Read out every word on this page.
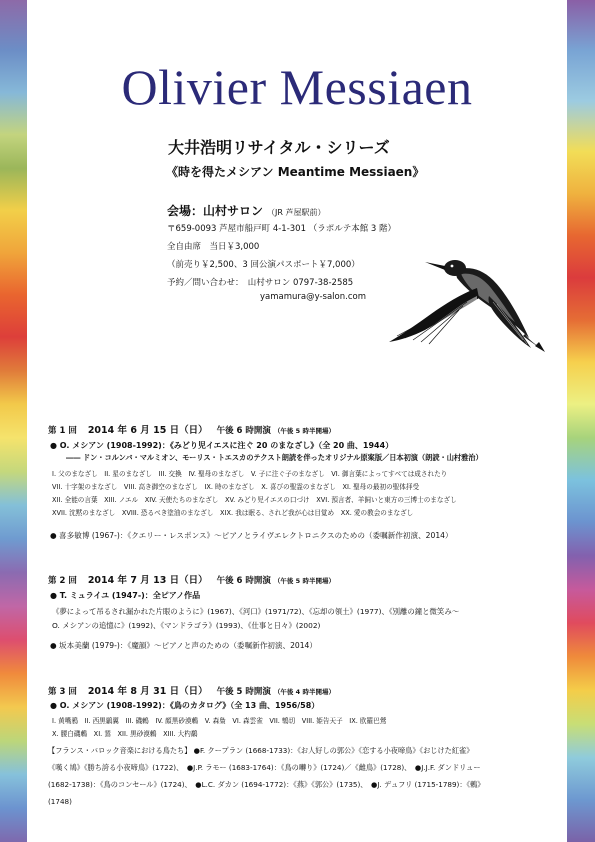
Olivier Messiaen

大井浩明リサイタル・シリーズ

《時を得たメシアン Meantime Messiaen》

会場：山村サロン （JR 芦屋駅前）

〒659-0093 芦屋市船戸町 4-1-301 （ラポルテ本館 3 階）

全自由席　当日￥3,000

（前売り￥2,500、3 回公演パスポート￥7,000）

予約／問い合わせ：　山村サロン 0797-38-2585

yamamura@y-salon.com

第 1 回 2014 年 6 月 15 日（日） 午後 6 時開演 （午後 5 時半開場）

● O. メシアン (1908-1992)：《みどり児イエスに注ぐ 20 のまなざし》（全 20 曲、1944）

―― ドン・コルンバ・マルミオン、モーリス・トエスカのテクスト朗読を伴ったオリジナル原案版／日本初演（朗読・山村雅治）

I. 父のまなざし　II. 星のまなざし　III. 交換　IV. 聖母のまなざし　V. 子に注ぐ子のまなざし　VI. 御言葉によってすべては成されたり

VII. 十字架のまなざし　VIII. 高き御空のまなざし　IX. 時のまなざし　X. 喜びの聖霊のまなざし　XI. 聖母の最初の聖体拝受

XII. 全能の言葉　XIII. ノエル　XIV. 天使たちのまなざし　XV. みどり児イエスの口づけ　XVI. 預言者、羊飼いと東方の三博士のまなざし

XVII. 沈黙のまなざし　XVIII. 恐るべき塗油のまなざし　XIX. 我は眠る、されど我が心は目覚め　XX. 愛の教会のまなざし

● 喜多敏博 (1967-)：《クエリー・レスポンス》～ピアノとライヴエレクトロニクスのための（委嘱新作初演、2014）

第 2 回 2014 年 7 月 13 日（日） 午後 6 時開演 （午後 5 時半開場）

● T. ミュライユ (1947-)：全ピアノ作品

《夢によって吊るされ漏かれた片眼のように》(1967)、《河口》(1971/72)、《忘却の領土》(1977)、《別離の鐘と微笑み～

O. メシアンの追憶に》(1992)、《マンドラゴラ》(1993)、《仕事と日々》(2002)

● 坂本美蘭 (1979-)：《魔韻》～ピアノと声のための（委嘱新作初演、2014）

第 3 回 2014 年 8 月 31 日（日） 午後 5 時開演 （午後 4 時半開場）

● O. メシアン (1908-1992)：《鳥のカタログ》（全 13 曲、1956/58）

I. 黄嘴鴉　II. 西黒鶲翼　III. 磯鶫　IV. 顔黒砂漠鶇　V. 森梟　VI. 森雲雀　VII. 鵯切　VIII. 姫告天子　IX. 欧羅巴鶯

X. 腰白磯鶇　XI. 鵟　XII. 黒砂漠鶇　XIII. 大杓鷸

【フランス・バロック音楽における鳥たち】 ●F. クープラン (1668-1733)：《お人好しの郭公》《恋する小夜啼鳥》《おじけた紅雀》

《嘆く鳩》《勝ち誇る小夜啼鳥》(1722)、　●J.P. ラモー (1683-1764)：《鳥の囀り》(1724)／《雌鳥》(1728)、　●J.J.F. ダンドリュー

(1682-1738)：《鳥のコンセール》(1724)、　●L.C. ダカン (1694-1772)：《燕》《郭公》(1735)、　●J. デュフリ (1715-1789)：《鶫》

(1748)
